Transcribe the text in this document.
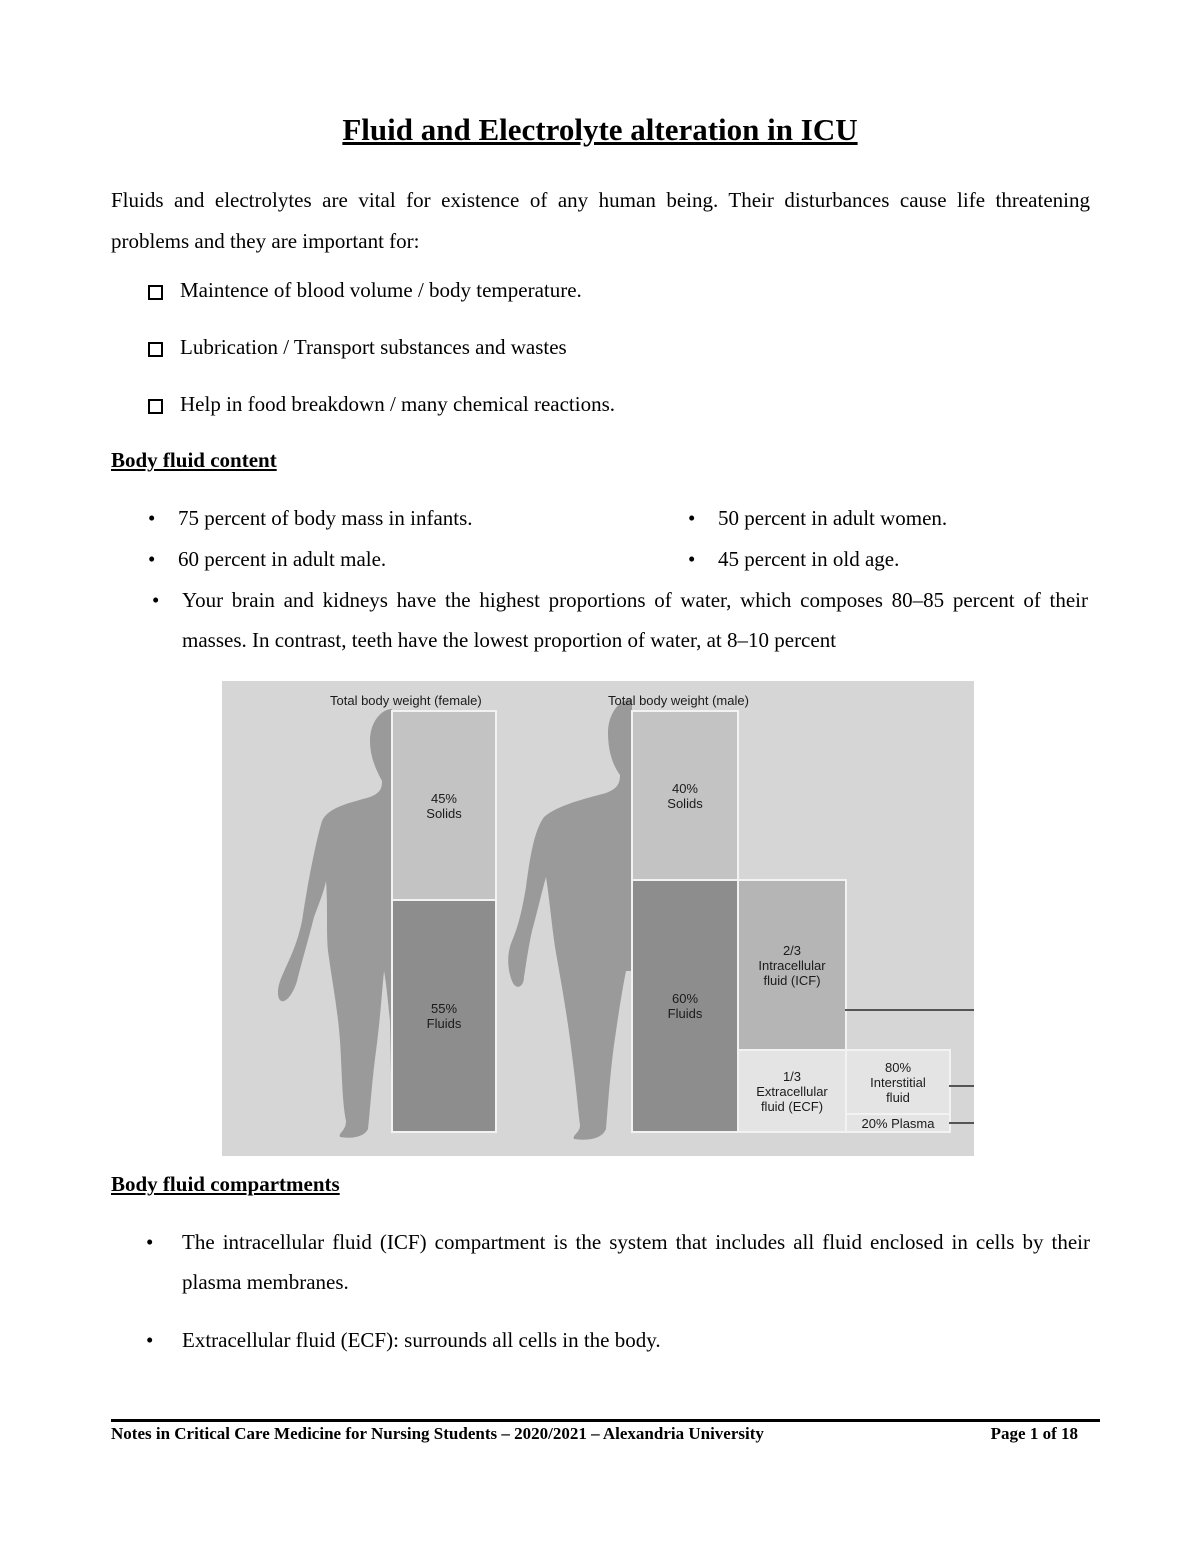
Fluid and Electrolyte alteration in ICU

Fluids and electrolytes are vital for existence of any human being. Their disturbances cause life threatening problems and they are important for:

Maintence of blood volume / body temperature.
Lubrication / Transport substances and wastes
Help in food breakdown / many chemical reactions.
Body fluid content
• 75 percent of body mass in infants.	• 50 percent in adult women.
• 60 percent in adult male.	• 45 percent in old age.
• Your brain and kidneys have the highest proportions of water, which composes 80–85 percent of their masses. In contrast, teeth have the lowest proportion of water, at 8–10 percent
Total body weight (female)	Total body weight (male)
45%
Solids
55%
Fluids
40%
Solids
60%
Fluids
2/3
Intracellular fluid (ICF)
1/3
Extracellular fluid (ECF)
80%
Interstitial fluid
20% Plasma
Body fluid compartments
• The intracellular fluid (ICF) compartment is the system that includes all fluid enclosed in cells by their plasma membranes.
• Extracellular fluid (ECF): surrounds all cells in the body.
Notes in Critical Care Medicine for Nursing Students – 2020/2021 – Alexandria University	Page 1 of 18
